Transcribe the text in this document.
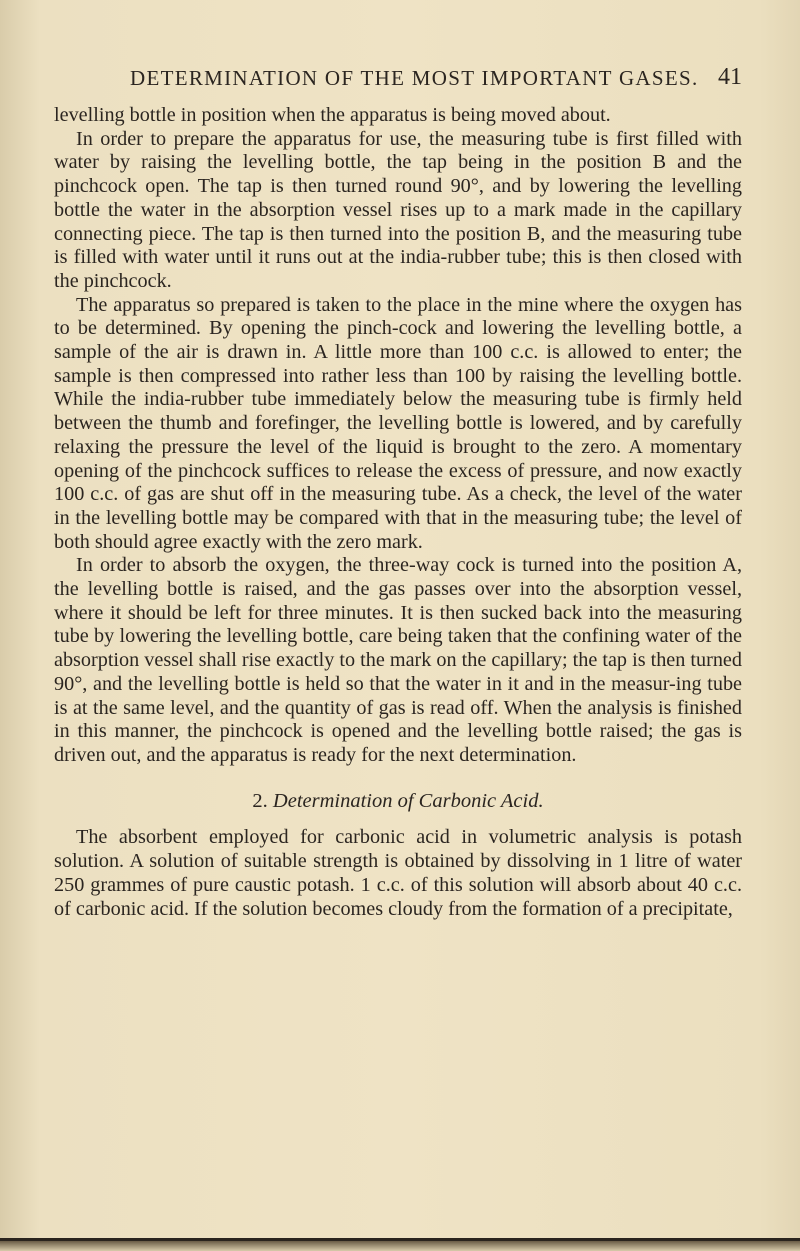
DETERMINATION OF THE MOST IMPORTANT GASES. 41

levelling bottle in position when the apparatus is being moved about.

In order to prepare the apparatus for use, the measuring tube is first filled with water by raising the levelling bottle, the tap being in the position B and the pinchcock open. The tap is then turned round 90°, and by lowering the levelling bottle the water in the absorption vessel rises up to a mark made in the capillary connecting piece. The tap is then turned into the position B, and the measuring tube is filled with water until it runs out at the india-rubber tube; this is then closed with the pinchcock.

The apparatus so prepared is taken to the place in the mine where the oxygen has to be determined. By opening the pinch-cock and lowering the levelling bottle, a sample of the air is drawn in. A little more than 100 c.c. is allowed to enter; the sample is then compressed into rather less than 100 by raising the levelling bottle. While the india-rubber tube immediately below the measuring tube is firmly held between the thumb and forefinger, the levelling bottle is lowered, and by carefully relaxing the pressure the level of the liquid is brought to the zero. A momentary opening of the pinchcock suffices to release the excess of pressure, and now exactly 100 c.c. of gas are shut off in the measuring tube. As a check, the level of the water in the levelling bottle may be compared with that in the measuring tube; the level of both should agree exactly with the zero mark.

In order to absorb the oxygen, the three-way cock is turned into the position A, the levelling bottle is raised, and the gas passes over into the absorption vessel, where it should be left for three minutes. It is then sucked back into the measuring tube by lowering the levelling bottle, care being taken that the confining water of the absorption vessel shall rise exactly to the mark on the capillary; the tap is then turned 90°, and the levelling bottle is held so that the water in it and in the measur-ing tube is at the same level, and the quantity of gas is read off. When the analysis is finished in this manner, the pinchcock is opened and the levelling bottle raised; the gas is driven out, and the apparatus is ready for the next determination.

2. Determination of Carbonic Acid.

The absorbent employed for carbonic acid in volumetric analysis is potash solution. A solution of suitable strength is obtained by dissolving in 1 litre of water 250 grammes of pure caustic potash. 1 c.c. of this solution will absorb about 40 c.c. of carbonic acid. If the solution becomes cloudy from the formation of a precipitate,
